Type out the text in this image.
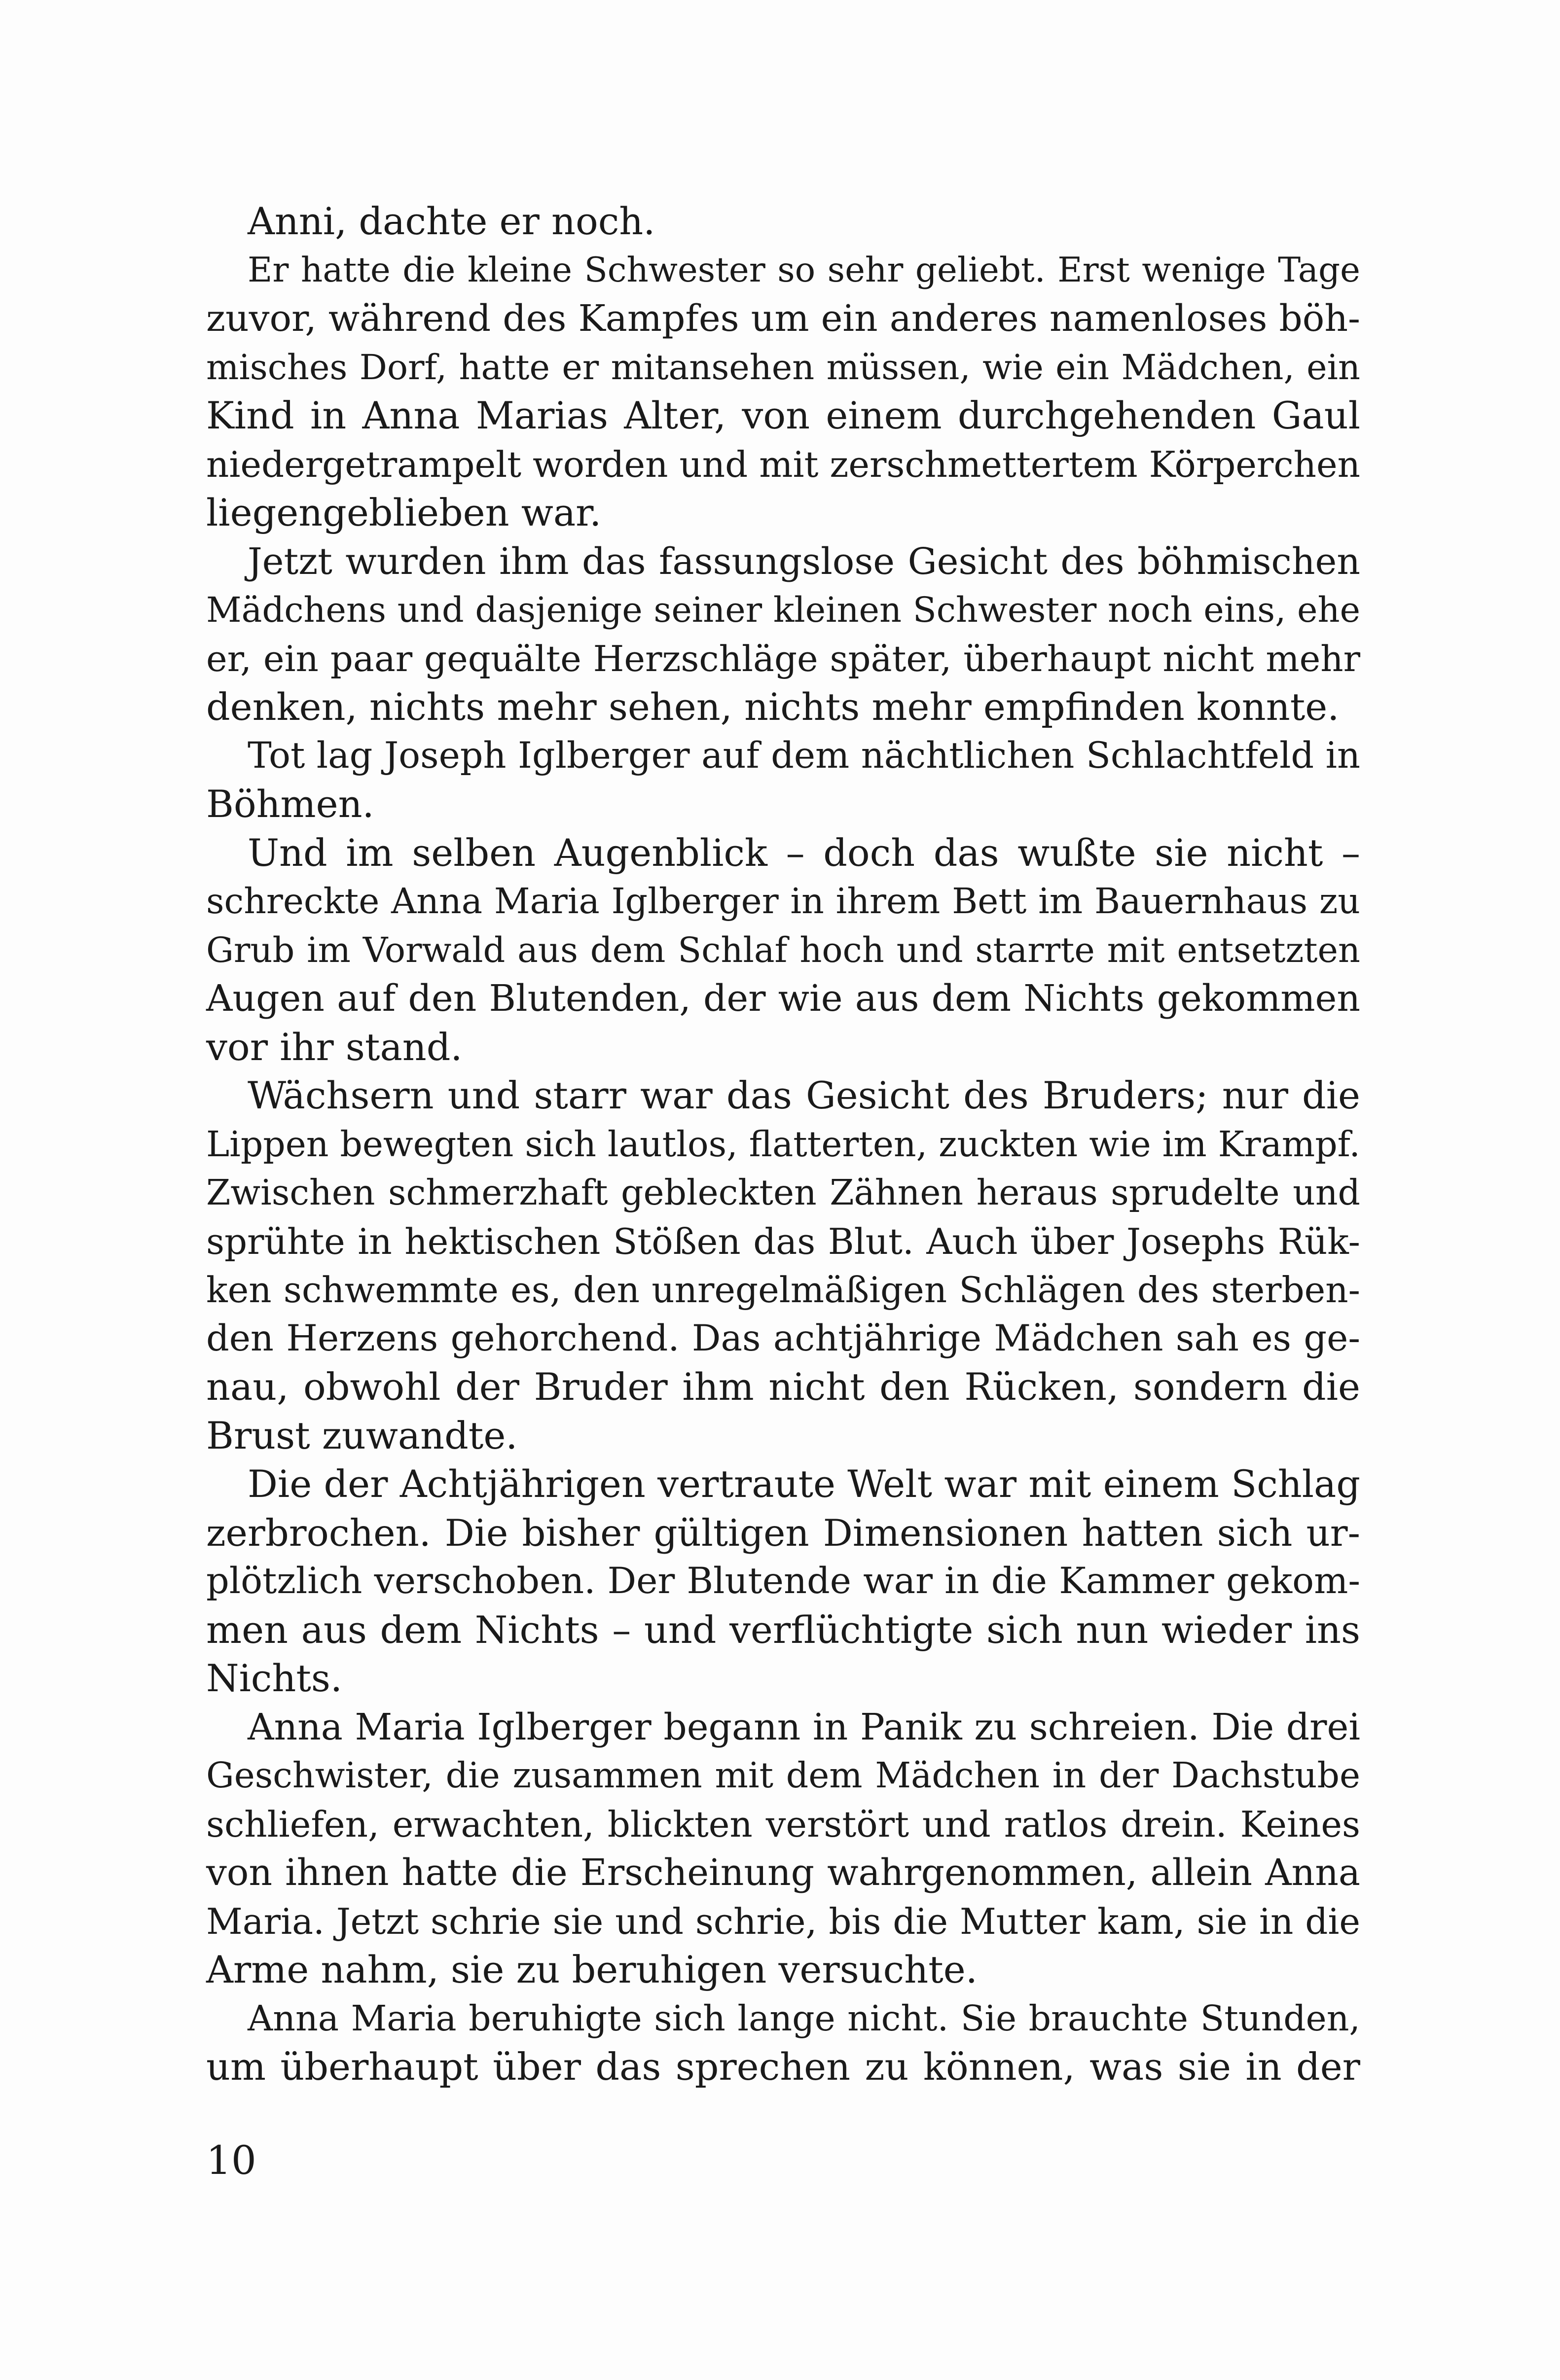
Anni, dachte er noch.
Er hatte die kleine Schwester so sehr geliebt. Erst wenige Tage
zuvor, während des Kampfes um ein anderes namenloses böh-
misches Dorf, hatte er mitansehen müssen, wie ein Mädchen, ein
Kind in Anna Marias Alter, von einem durchgehenden Gaul
niedergetrampelt worden und mit zerschmettertem Körperchen
liegengeblieben war.
Jetzt wurden ihm das fassungslose Gesicht des böhmischen
Mädchens und dasjenige seiner kleinen Schwester noch eins, ehe
er, ein paar gequälte Herzschläge später, überhaupt nicht mehr
denken, nichts mehr sehen, nichts mehr empfinden konnte.
Tot lag Joseph Iglberger auf dem nächtlichen Schlachtfeld in
Böhmen.
Und im selben Augenblick – doch das wußte sie nicht –
schreckte Anna Maria Iglberger in ihrem Bett im Bauernhaus zu
Grub im Vorwald aus dem Schlaf hoch und starrte mit entsetzten
Augen auf den Blutenden, der wie aus dem Nichts gekommen
vor ihr stand.
Wächsern und starr war das Gesicht des Bruders; nur die
Lippen bewegten sich lautlos, flatterten, zuckten wie im Krampf.
Zwischen schmerzhaft gebleckten Zähnen heraus sprudelte und
sprühte in hektischen Stößen das Blut. Auch über Josephs Rük-
ken schwemmte es, den unregelmäßigen Schlägen des sterben-
den Herzens gehorchend. Das achtjährige Mädchen sah es ge-
nau, obwohl der Bruder ihm nicht den Rücken, sondern die
Brust zuwandte.
Die der Achtjährigen vertraute Welt war mit einem Schlag
zerbrochen. Die bisher gültigen Dimensionen hatten sich ur-
plötzlich verschoben. Der Blutende war in die Kammer gekom-
men aus dem Nichts – und verflüchtigte sich nun wieder ins
Nichts.
Anna Maria Iglberger begann in Panik zu schreien. Die drei
Geschwister, die zusammen mit dem Mädchen in der Dachstube
schliefen, erwachten, blickten verstört und ratlos drein. Keines
von ihnen hatte die Erscheinung wahrgenommen, allein Anna
Maria. Jetzt schrie sie und schrie, bis die Mutter kam, sie in die
Arme nahm, sie zu beruhigen versuchte.
Anna Maria beruhigte sich lange nicht. Sie brauchte Stunden,
um überhaupt über das sprechen zu können, was sie in der
10
